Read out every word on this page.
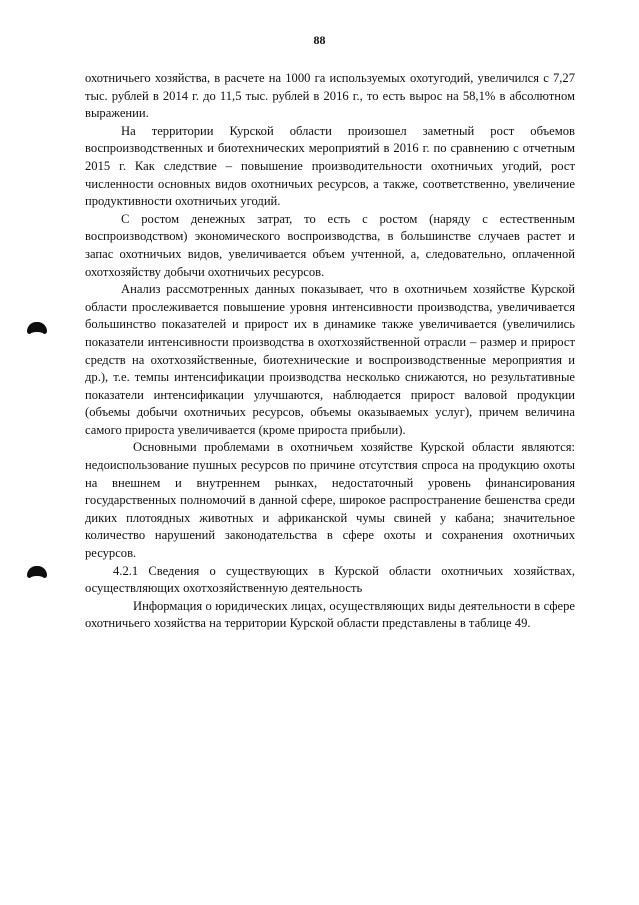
88

охотничьего хозяйства, в расчете на 1000 га используемых охотугодий, увеличился с 7,27 тыс. рублей в 2014 г. до 11,5 тыс. рублей в 2016 г., то есть вырос на 58,1% в абсолютном выражении.

На территории Курской области произошел заметный рост объемов воспроизводственных и биотехнических мероприятий в 2016 г. по сравнению с отчетным 2015 г. Как следствие – повышение производительности охотничьих угодий, рост численности основных видов охотничьих ресурсов, а также, соответственно, увеличение продуктивности охотничьих угодий.

С ростом денежных затрат, то есть с ростом (наряду с естественным воспроизводством) экономического воспроизводства, в большинстве случаев растет и запас охотничьих видов, увеличивается объем учтенной, а, следовательно, оплаченной охотхозяйству добычи охотничьих ресурсов.

Анализ рассмотренных данных показывает, что в охотничьем хозяйстве Курской области прослеживается повышение уровня интенсивности производства, увеличивается большинство показателей и прирост их в динамике также увеличивается (увеличились показатели интенсивности производства в охотхозяйственной отрасли – размер и прирост средств на охотхозяйственные, биотехнические и воспроизводственные мероприятия и др.), т.е. темпы интенсификации производства несколько снижаются, но результативные показатели интенсификации улучшаются, наблюдается прирост валовой продукции (объемы добычи охотничьих ресурсов, объемы оказываемых услуг), причем величина самого прироста увеличивается (кроме прироста прибыли).

Основными проблемами в охотничьем хозяйстве Курской области являются: недоиспользование пушных ресурсов по причине отсутствия спроса на продукцию охоты на внешнем и внутреннем рынках, недостаточный уровень финансирования государственных полномочий в данной сфере, широкое распространение бешенства среди диких плотоядных животных и африканской чумы свиней у кабана; значительное количество нарушений законодательства в сфере охоты и сохранения охотничьих ресурсов.

4.2.1 Сведения о существующих в Курской области охотничьих хозяйствах, осуществляющих охотхозяйственную деятельность

Информация о юридических лицах, осуществляющих виды деятельности в сфере охотничьего хозяйства на территории Курской области представлены в таблице 49.
